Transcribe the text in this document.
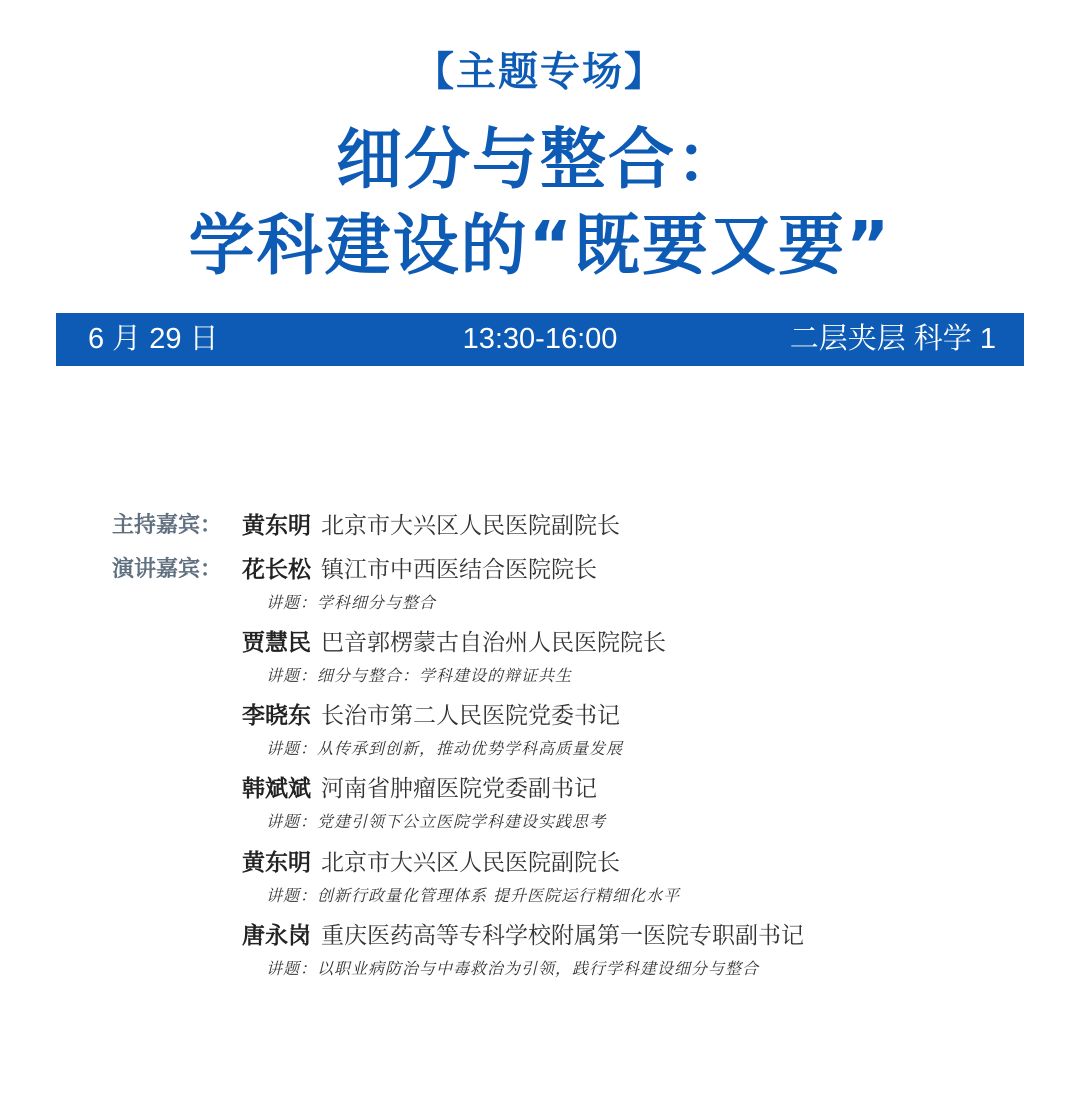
【主题专场】
细分与整合：
学科建设的“既要又要”
6 月 29 日	13:30-16:00	二层夹层 科学 1
主持嘉宾： 黄东明 北京市大兴区人民医院副院长
演讲嘉宾： 花长松 镇江市中西医结合医院院长
讲题：学科细分与整合
贾慧民 巴音郭楞蒙古自治州人民医院院长
讲题：细分与整合：学科建设的辩证共生
李晓东 长治市第二人民医院党委书记
讲题：从传承到创新，推动优势学科高质量发展
韩斌斌 河南省肿瘤医院党委副书记
讲题：党建引领下公立医院学科建设实践思考
黄东明 北京市大兴区人民医院副院长
讲题：创新行政量化管理体系 提升医院运行精细化水平
唐永岗 重庆医药高等专科学校附属第一医院专职副书记
讲题：以职业病防治与中毒救治为引领，践行学科建设细分与整合
